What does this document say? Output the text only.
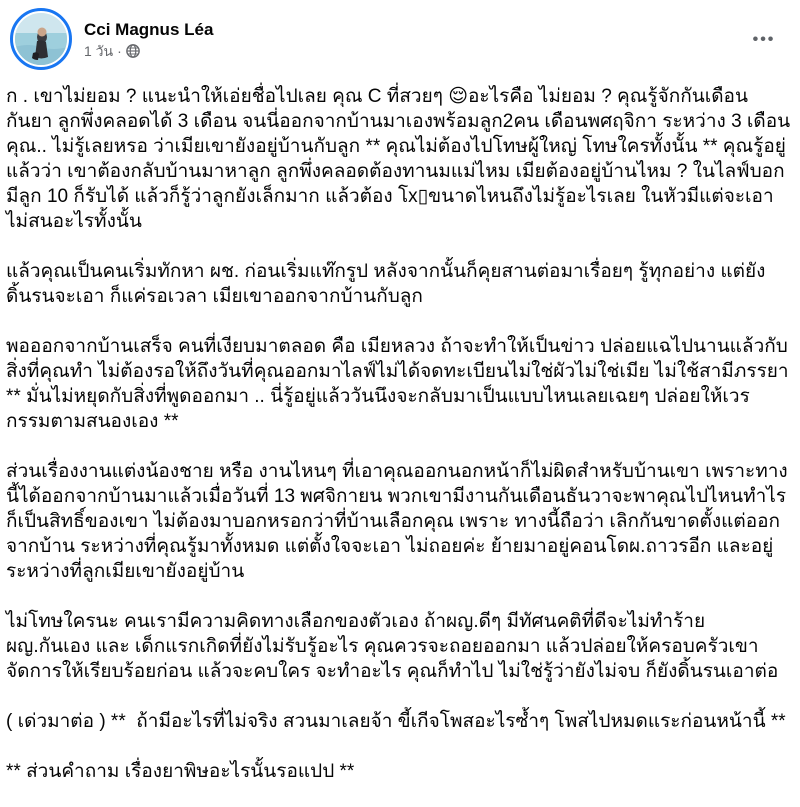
Cci Magnus Léa
1 วัน ·
•••

ก . เขาไม่ยอม ? แนะนำให้เอ่ยชื่อไปเลย คุณ C ที่สวยๆ 😌อะไรคือ ไม่ยอม ? คุณรู้จักกันเดือนกันยา ลูกพึ่งคลอดได้ 3 เดือน จนนี่ออกจากบ้านมาเองพร้อมลูก2คน เดือนพศฤจิกา ระหว่าง 3 เดือน คุณ.. ไม่รู้เลยหรอ ว่าเมียเขายังอยู่บ้านกับลูก ** คุณไม่ต้องไปโทษผู้ใหญ่ โทษใครทั้งนั้น ** คุณรู้อยู่แล้วว่า เขาต้องกลับบ้านมาหาลูก ลูกพึ่งคลอดต้องทานมแม่ไหม เมียต้องอยู่บ้านไหม ? ในไลฟ์บอกมีลูก 10 ก็รับได้ แล้วก็รู้ว่าลูกยังเล็กมาก แล้วต้อง โx▯ขนาดไหนถึงไม่รู้อะไรเลย ในหัวมีแต่จะเอาไม่สนอะไรทั้งนั้น

แล้วคุณเป็นคนเริ่มทักหา ผช. ก่อนเริ่มแท๊กรูป หลังจากนั้นก็คุยสานต่อมาเรื่อยๆ รู้ทุกอย่าง แต่ยังดิ้นรนจะเอา ก็แค่รอเวลา เมียเขาออกจากบ้านกับลูก

พอออกจากบ้านเสร็จ คนที่เงียบมาตลอด คือ เมียหลวง ถ้าจะทำให้เป็นข่าว ปล่อยแฉไปนานแล้วกับสิ่งที่คุณทำ ไม่ต้องรอให้ถึงวันที่คุณออกมาไลฟ์ไม่ได้จดทะเบียนไม่ใช่ผัวไม่ใช่เมีย ไม่ใช้สามีภรรยา ** มั่นไม่หยุดกับสิ่งที่พูดออกมา .. นี่รู้อยู่แล้ววันนึงจะกลับมาเป็นแบบไหนเลยเฉยๆ ปล่อยให้เวรกรรมตามสนองเอง **

ส่วนเรื่องงานแต่งน้องชาย หรือ งานไหนๆ ที่เอาคุณออกนอกหน้าก็ไม่ผิดสำหรับบ้านเขา เพราะทางนี้ได้ออกจากบ้านมาแล้วเมื่อวันที่ 13 พศจิกายน พวกเขามีงานกันเดือนธันวาจะพาคุณไปไหนทำไร ก็เป็นสิทธิ์ของเขา ไม่ต้องมาบอกหรอกว่าที่บ้านเลือกคุณ เพราะ ทางนี้ถือว่า เลิกกันขาดตั้งแต่ออกจากบ้าน ระหว่างที่คุณรู้มาทั้งหมด แต่ตั้งใจจะเอา ไม่ถอยค่ะ ย้ายมาอยู่คอนโดผ.ถาวรอีก และอยู่ระหว่างที่ลูกเมียเขายังอยู่บ้าน

ไม่โทษใครนะ คนเรามีความคิดทางเลือกของตัวเอง ถ้าผญ.ดีๆ มีทัศนคติที่ดีจะไม่ทำร้าย ผญ.กันเอง และ เด็กแรกเกิดที่ยังไม่รับรู้อะไร คุณควรจะถอยออกมา แล้วปล่อยให้ครอบครัวเขาจัดการให้เรียบร้อยก่อน แล้วจะคบใคร จะทำอะไร คุณก็ทำไป ไม่ใช่รู้ว่ายังไม่จบ ก็ยังดิ้นรนเอาต่อ

( เด่วมาต่อ ) **  ถ้ามีอะไรที่ไม่จริง สวนมาเลยจ้า ขี้เกีจโพสอะไรซ้ำๆ โพสไปหมดแระก่อนหน้านี้ **

** ส่วนคำถาม เรื่องยาพิษอะไรนั้นรอแปป **
